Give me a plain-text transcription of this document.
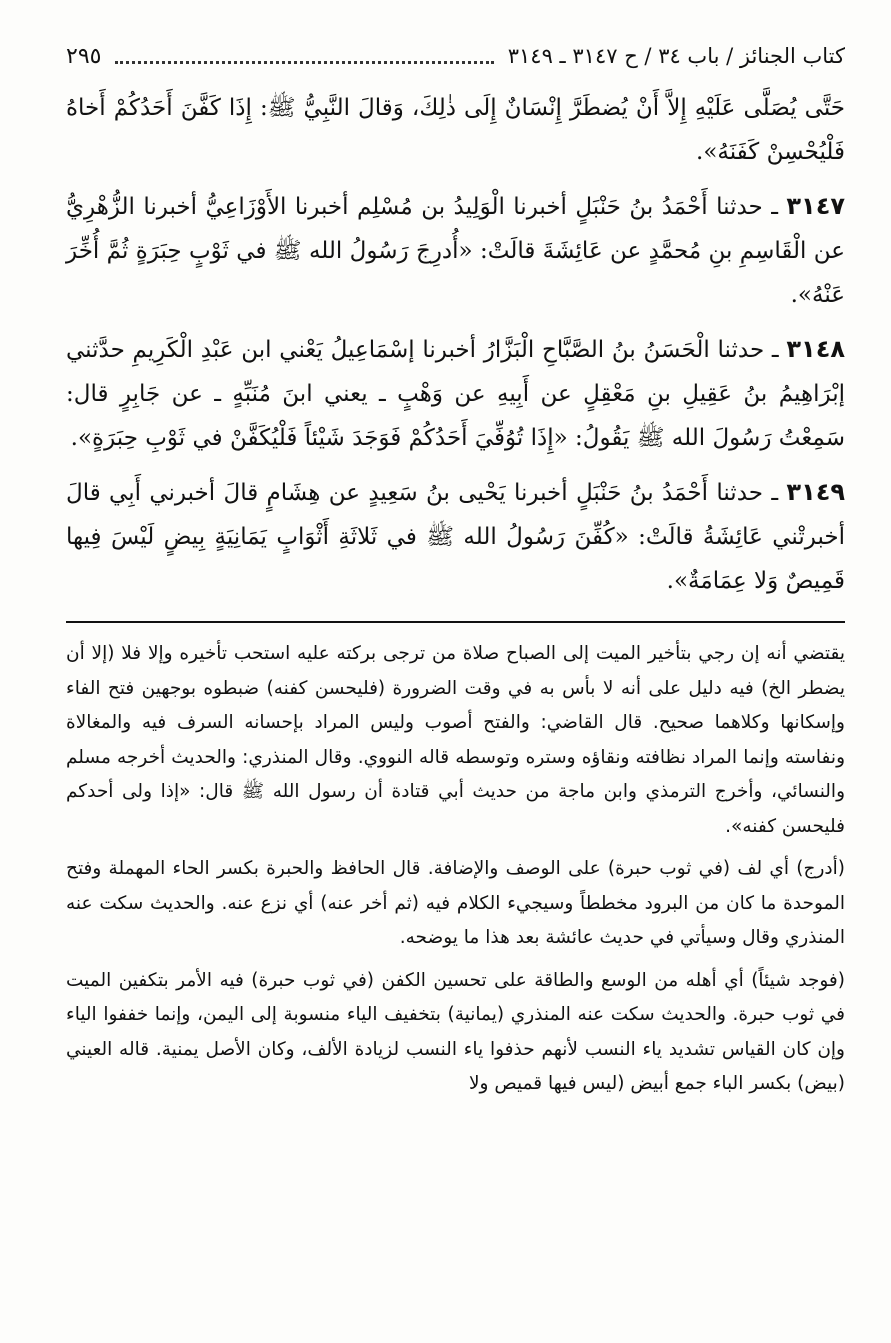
كتاب الجنائز / باب ٣٤ / ح ٣١٤٧ ـ ٣١٤٩
٢٩٥

حَتَّى يُصَلَّى عَلَيْهِ إِلاَّ أَنْ يُضطَرَّ إِنْسَانٌ إِلَى ذٰلِكَ، وَقالَ النَّبِيُّ ﷺ: إِذَا كَفَّنَ أَحَدُكُمْ أَخاهُ فَلْيُحْسِنْ كَفَنَهُ».

٣١٤٧ ـ حدثنا أَحْمَدُ بنُ حَنْبَلٍ أخبرنا الْوَلِيدُ بن مُسْلِم أخبرنا الأَوْزَاعِيُّ أخبرنا الزُّهْرِيُّ عن الْقَاسِمِ بنِ مُحمَّدٍ عن عَائِشَةَ قالَتْ: «أُدرِجَ رَسُولُ الله ﷺ في ثَوْبٍ حِبَرَةٍ ثُمَّ أُخِّرَ عَنْهُ».

٣١٤٨ ـ حدثنا الْحَسَنُ بنُ الصَّبَّاحِ الْبَزَّارُ أخبرنا إسْمَاعِيلُ يَعْني ابن عَبْدِ الْكَرِيمِ حدَّثني إبْرَاهِيمُ بنُ عَقِيلِ بنِ مَعْقِلٍ عن أَبِيهِ عن وَهْبٍ ـ يعني ابنَ مُنَبِّهٍ ـ عن جَابِرٍ قال: سَمِعْتُ رَسُولَ الله ﷺ يَقُولُ: «إِذَا تُوُفِّيَ أَحَدُكُمْ فَوَجَدَ شَيْئاً فَلْيُكَفَّنْ في ثَوْبِ حِبَرَةٍ».

٣١٤٩ ـ حدثنا أَحْمَدُ بنُ حَنْبَلٍ أخبرنا يَحْيى بنُ سَعِيدٍ عن هِشَامٍ قالَ أخبرني أَبِي قالَ أخبرتْني عَائِشَةُ قالَتْ: «كُفِّنَ رَسُولُ الله ﷺ في ثَلاثَةِ أَثْوَابٍ يَمَانِيَةٍ بِيضٍ لَيْسَ فِيها قَمِيصٌ وَلا عِمَامَةٌ».

يقتضي أنه إن رجي بتأخير الميت إلى الصباح صلاة من ترجى بركته عليه استحب تأخيره وإلا فلا (إلا أن يضطر الخ) فيه دليل على أنه لا بأس به في وقت الضرورة (فليحسن كفنه) ضبطوه بوجهين فتح الفاء وإسكانها وكلاهما صحيح. قال القاضي: والفتح أصوب وليس المراد بإحسانه السرف فيه والمغالاة ونفاسته وإنما المراد نظافته ونقاؤه وستره وتوسطه قاله النووي. وقال المنذري: والحديث أخرجه مسلم والنسائي، وأخرج الترمذي وابن ماجة من حديث أبي قتادة أن رسول الله ﷺ قال: «إذا ولى أحدكم فليحسن كفنه».

(أدرج) أي لف (في ثوب حبرة) على الوصف والإضافة. قال الحافظ والحبرة بكسر الحاء المهملة وفتح الموحدة ما كان من البرود مخططاً وسيجيء الكلام فيه (ثم أخر عنه) أي نزع عنه. والحديث سكت عنه المنذري وقال وسيأتي في حديث عائشة بعد هذا ما يوضحه.

(فوجد شيئاً) أي أهله من الوسع والطاقة على تحسين الكفن (في ثوب حبرة) فيه الأمر بتكفين الميت في ثوب حبرة. والحديث سكت عنه المنذري (يمانية) بتخفيف الياء منسوبة إلى اليمن، وإنما خففوا الياء وإن كان القياس تشديد ياء النسب لأنهم حذفوا ياء النسب لزيادة الألف، وكان الأصل يمنية. قاله العيني (بيض) بكسر الباء جمع أبيض (ليس فيها قميص ولا
